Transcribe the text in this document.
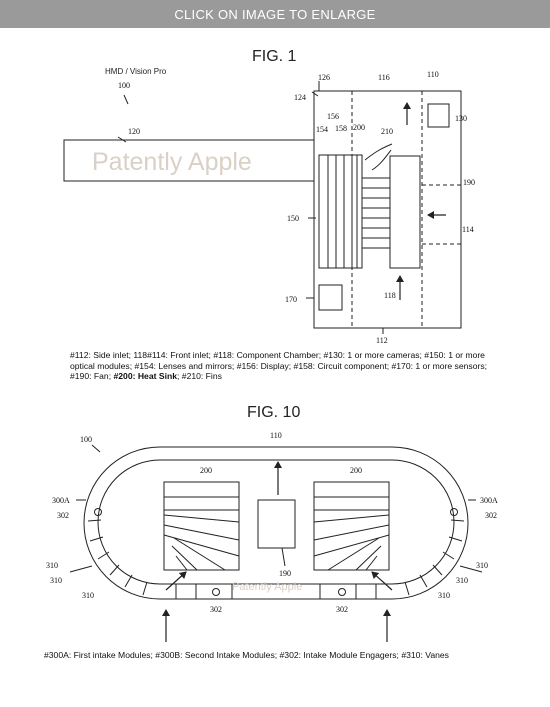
CLICK ON IMAGE TO ENLARGE
FIG. 1
HMD / Vision Pro
Patently Apple
100
120
124
126	116	110
130
156
154 158 200 210
190
150
114
118
170
112
#112: Side inlet; 118#114: Front inlet; #118: Component Chamber; #130: 1 or more cameras; #150: 1 or more optical modules; #154: Lenses and mirrors; #156: Display; #158: Circuit component; #170: 1 or more sensors; #190: Fan; #200: Heat Sink; #210: Fins
FIG. 10
Patently Apple
100	110
200	200
300A
302
300A
302
310
310
310
310
310
310
190
302	302
#300A: First intake Modules; #300B: Second Intake Modules; #302: Intake Module Engagers; #310: Vanes
